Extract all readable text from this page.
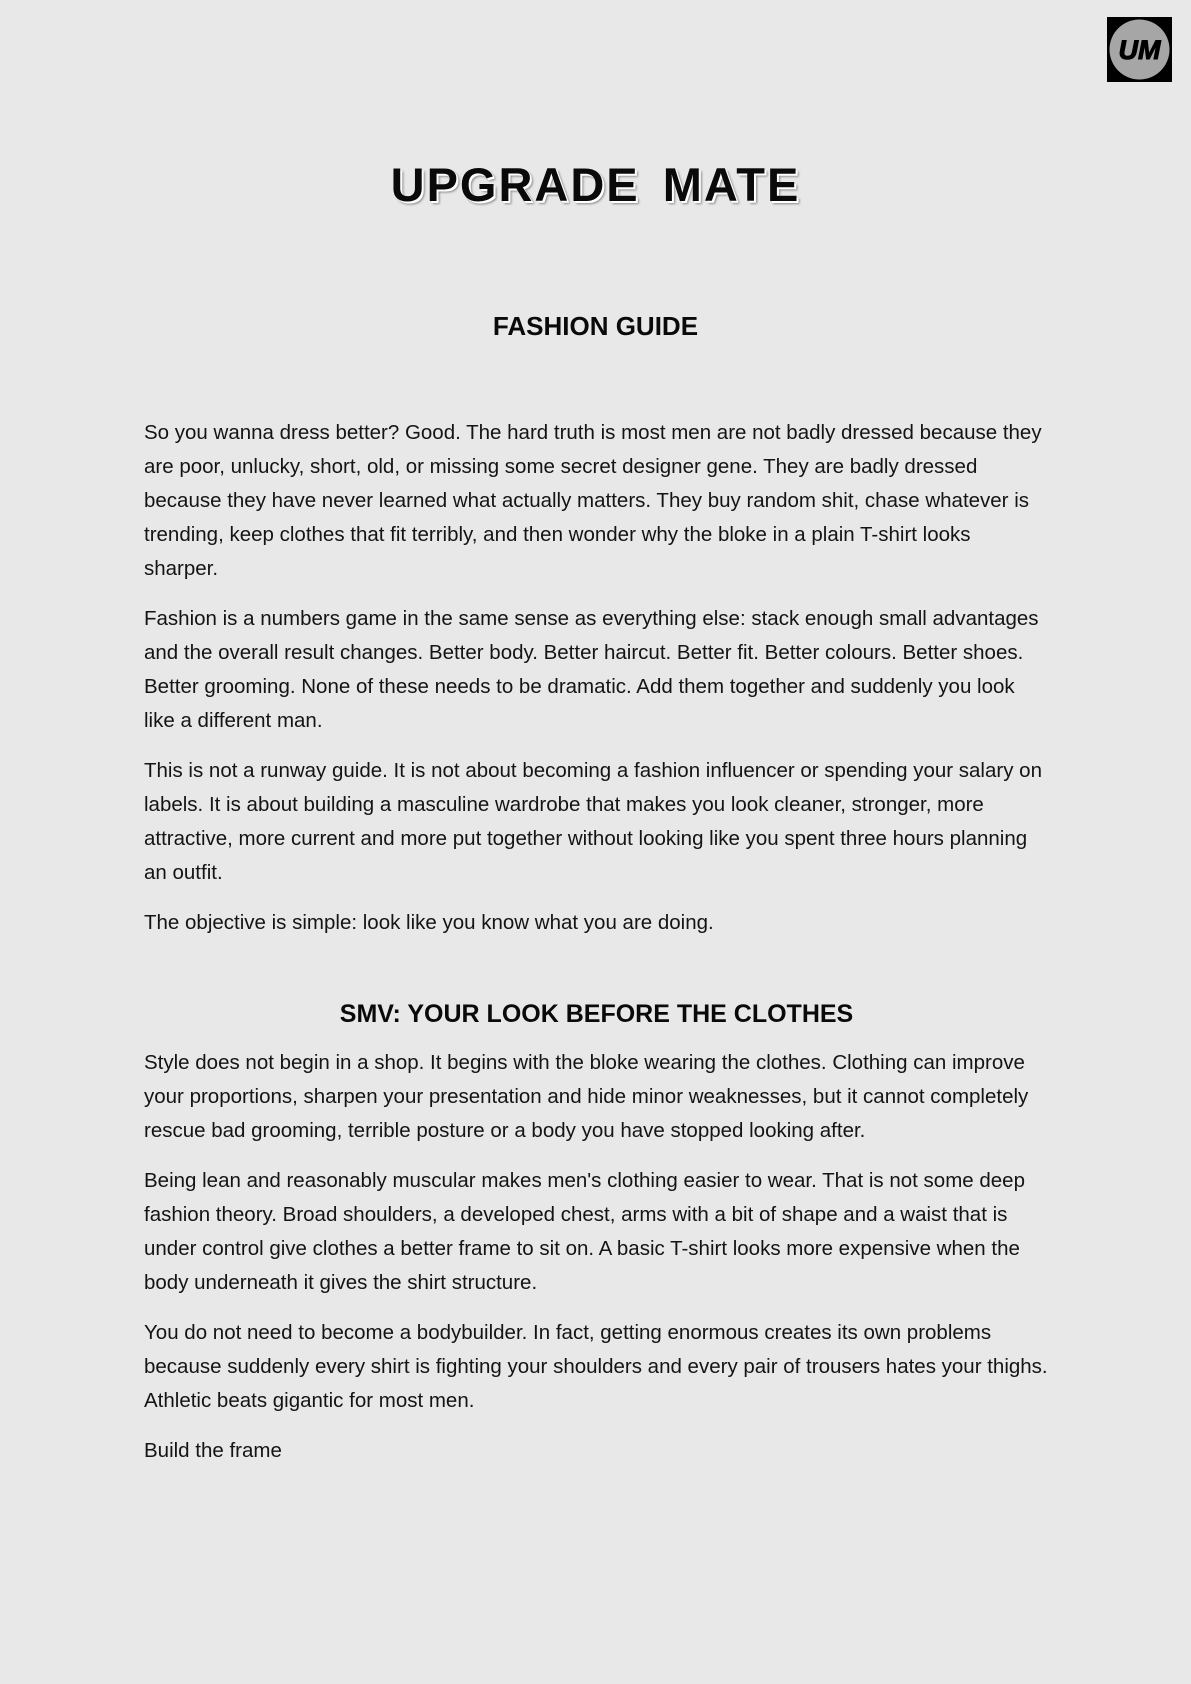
UM
UPGRADE MATE
FASHION GUIDE

So you wanna dress better? Good. The hard truth is most men are not badly dressed because they are poor, unlucky, short, old, or missing some secret designer gene. They are badly dressed because they have never learned what actually matters. They buy random shit, chase whatever is trending, keep clothes that fit terribly, and then wonder why the bloke in a plain T-shirt looks sharper.

Fashion is a numbers game in the same sense as everything else: stack enough small advantages and the overall result changes. Better body. Better haircut. Better fit. Better colours. Better shoes. Better grooming. None of these needs to be dramatic. Add them together and suddenly you look like a different man.

This is not a runway guide. It is not about becoming a fashion influencer or spending your salary on labels. It is about building a masculine wardrobe that makes you look cleaner, stronger, more attractive, more current and more put together without looking like you spent three hours planning an outfit.

The objective is simple: look like you know what you are doing.

SMV: YOUR LOOK BEFORE THE CLOTHES

Style does not begin in a shop. It begins with the bloke wearing the clothes. Clothing can improve your proportions, sharpen your presentation and hide minor weaknesses, but it cannot completely rescue bad grooming, terrible posture or a body you have stopped looking after.

Being lean and reasonably muscular makes men's clothing easier to wear. That is not some deep fashion theory. Broad shoulders, a developed chest, arms with a bit of shape and a waist that is under control give clothes a better frame to sit on. A basic T-shirt looks more expensive when the body underneath it gives the shirt structure.

You do not need to become a bodybuilder. In fact, getting enormous creates its own problems because suddenly every shirt is fighting your shoulders and every pair of trousers hates your thighs. Athletic beats gigantic for most men.

Build the frame
